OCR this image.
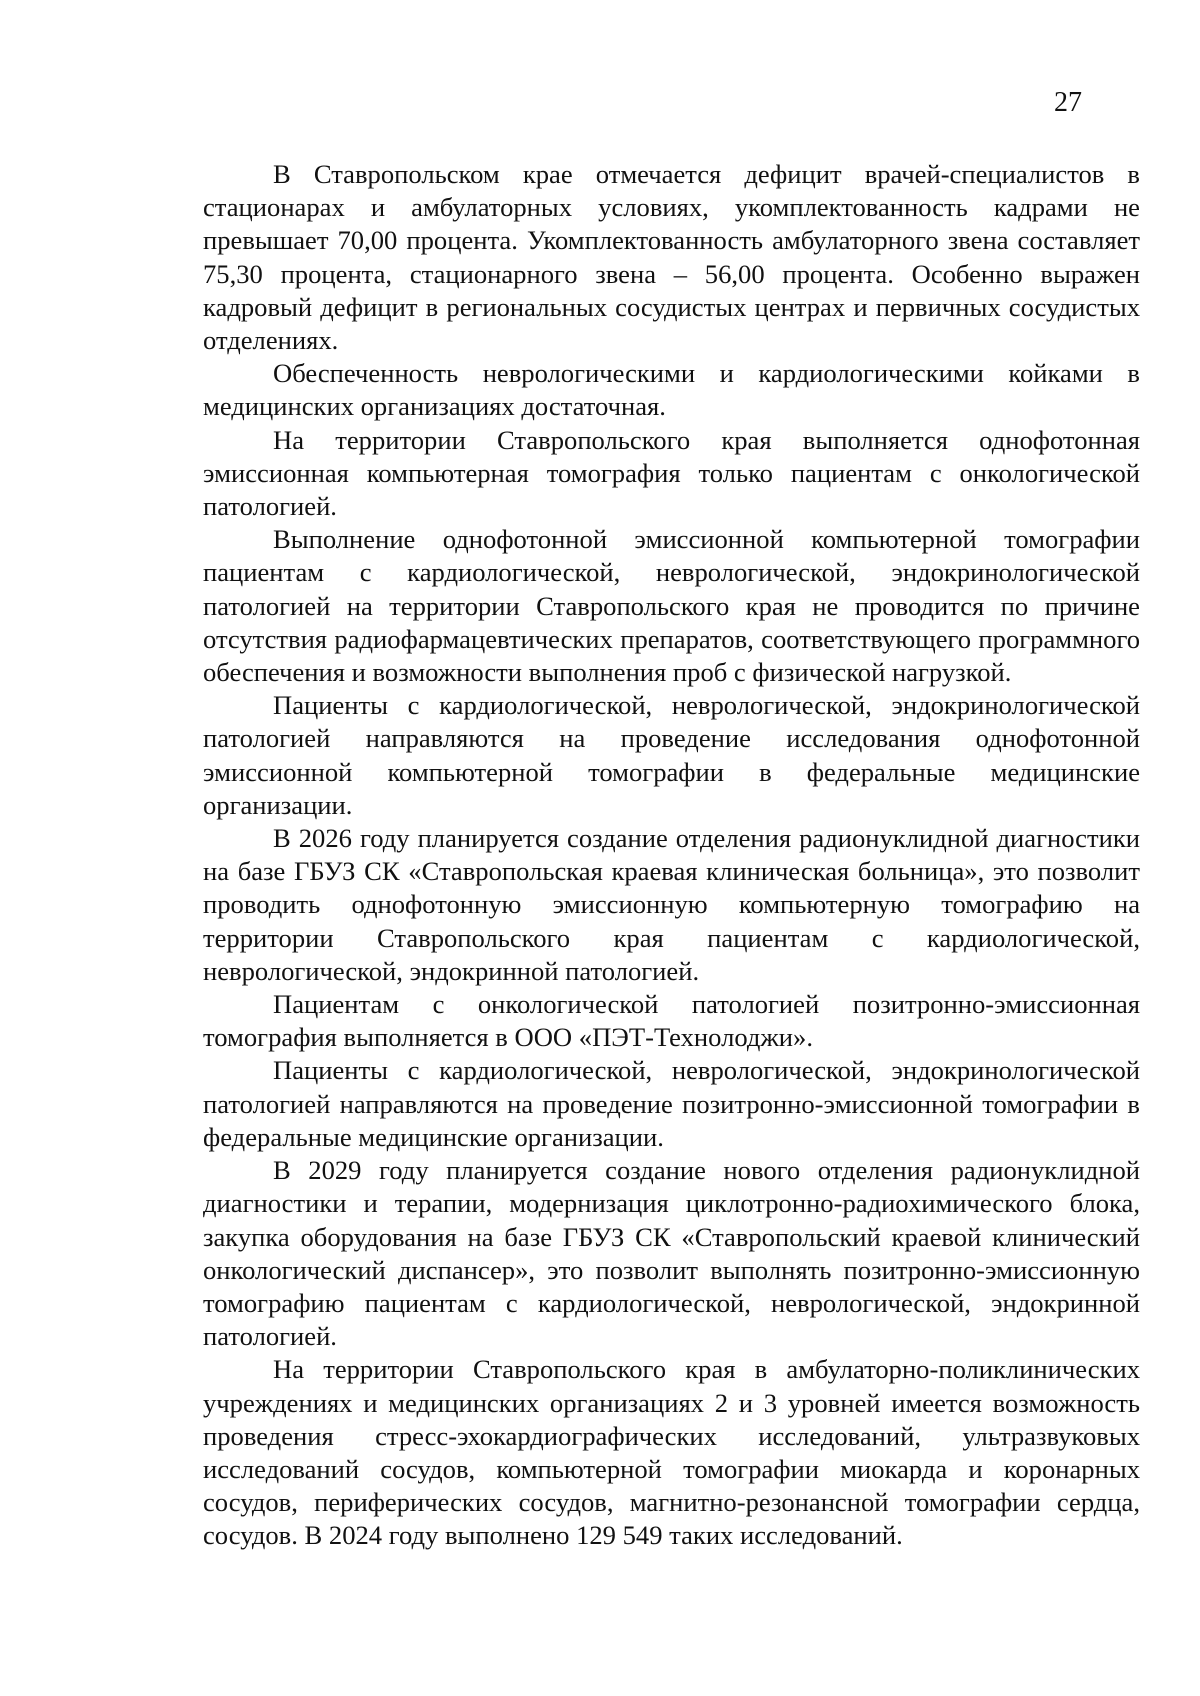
27

В Ставропольском крае отмечается дефицит врачей-специалистов в стационарах и амбулаторных условиях, укомплектованность кадрами не превышает 70,00 процента. Укомплектованность амбулаторного звена составляет 75,30 процента, стационарного звена – 56,00 процента. Особенно выражен кадровый дефицит в региональных сосудистых центрах и первичных сосудистых отделениях.

Обеспеченность неврологическими и кардиологическими койками в медицинских организациях достаточная.

На территории Ставропольского края выполняется однофотонная эмиссионная компьютерная томография только пациентам с онкологической патологией.

Выполнение однофотонной эмиссионной компьютерной томографии пациентам с кардиологической, неврологической, эндокринологической патологией на территории Ставропольского края не проводится по причине отсутствия радиофармацевтических препаратов, соответствующего программного обеспечения и возможности выполнения проб с физической нагрузкой.

Пациенты с кардиологической, неврологической, эндокринологической патологией направляются на проведение исследования однофотонной эмиссионной компьютерной томографии в федеральные медицинские организации.

В 2026 году планируется создание отделения радионуклидной диагностики на базе ГБУЗ СК «Ставропольская краевая клиническая больница», это позволит проводить однофотонную эмиссионную компьютерную томографию на территории Ставропольского края пациентам с кардиологической, неврологической, эндокринной патологией.

Пациентам с онкологической патологией позитронно-эмиссионная томография выполняется в ООО «ПЭТ-Технолоджи».

Пациенты с кардиологической, неврологической, эндокринологической патологией направляются на проведение позитронно-эмиссионной томографии в федеральные медицинские организации.

В 2029 году планируется создание нового отделения радионуклидной диагностики и терапии, модернизация циклотронно-радиохимического блока, закупка оборудования на базе ГБУЗ СК «Ставропольский краевой клинический онкологический диспансер», это позволит выполнять позитронно-эмиссионную томографию пациентам с кардиологической, неврологической, эндокринной патологией.

На территории Ставропольского края в амбулаторно-поликлинических учреждениях и медицинских организациях 2 и 3 уровней имеется возможность проведения стресс-эхокардиографических исследований, ультразвуковых исследований сосудов, компьютерной томографии миокарда и коронарных сосудов, периферических сосудов, магнитно-резонансной томографии сердца, сосудов. В 2024 году выполнено 129 549 таких исследований.
